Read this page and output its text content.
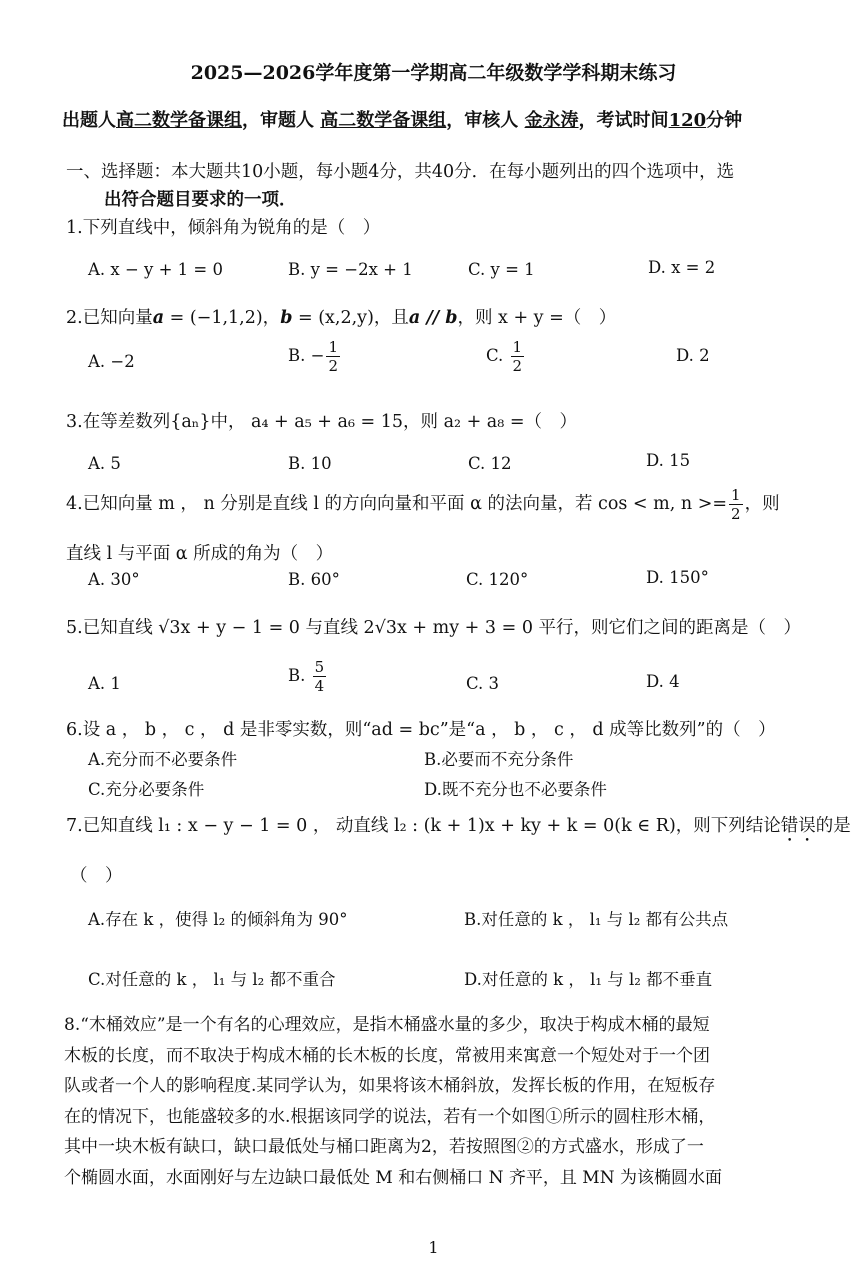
2025—2026学年度第一学期高二年级数学学科期末练习
出题人高二数学备课组，审题人 高二数学备课组，审核人 金永涛，考试时间120分钟
一、选择题：本大题共10小题，每小题4分，共40分．在每小题列出的四个选项中，选
出符合题目要求的一项．
1.下列直线中，倾斜角为锐角的是（　）
A. x − y + 1 = 0	B. y = −2x + 1	C. y = 1	D. x = 2
2.已知向量a = (−1,1,2)，b = (x,2,y)，且a // b，则 x + y =（　）
A. −2	B. − $\frac{1}{2}$	C. $\frac{1}{2}$	D. 2
3.在等差数列{aₙ}中， a₄ + a₅ + a₆ = 15，则 a₂ + a₈ =（　）
A. 5	B. 10	C. 12	D. 15
4.已知向量 m ， n 分别是直线 l 的方向向量和平面 α 的法向量，若 cos < m, $n >= \frac{1}{2}$ ，则
直线 l 与平面 α 所成的角为（　）
A. 30°	B. 60°	C. 120°	D. 150°
5.已知直线 √3x + y − 1 = 0 与直线 2√3x + my + 3 = 0 平行，则它们之间的距离是（　）
A. 1	B. $\frac{5}{4}$	C. 3	D. 4
6.设 a ， b ， c ， d 是非零实数，则“ad = bc”是“a ， b ， c ， d 成等比数列”的（　）
A.充分而不必要条件	B.必要而不充分条件
C.充分必要条件	D.既不充分也不必要条件
7.已知直线 l₁ : x − y − 1 = 0 ， 动直线 l₂ : (k + 1)x + ky + k = 0(k ∈ R)，则下列结论错误的是
（　）
A.存在 k ，使得 l₂ 的倾斜角为 90°	B.对任意的 k ， l₁ 与 l₂ 都有公共点
C.对任意的 k ， l₁ 与 l₂ 都不重合	D.对任意的 k ， l₁ 与 l₂ 都不垂直
8.“木桶效应”是一个有名的心理效应，是指木桶盛水量的多少，取决于构成木桶的最短
木板的长度，而不取决于构成木桶的长木板的长度，常被用来寓意一个短处对于一个团
队或者一个人的影响程度.某同学认为，如果将该木桶斜放，发挥长板的作用，在短板存
在的情况下，也能盛较多的水.根据该同学的说法，若有一个如图①所示的圆柱形木桶，
其中一块木板有缺口，缺口最低处与桶口距离为2，若按照图②的方式盛水，形成了一
个椭圆水面，水面刚好与左边缺口最低处 M 和右侧桶口 N 齐平，且 MN 为该椭圆水面
1
